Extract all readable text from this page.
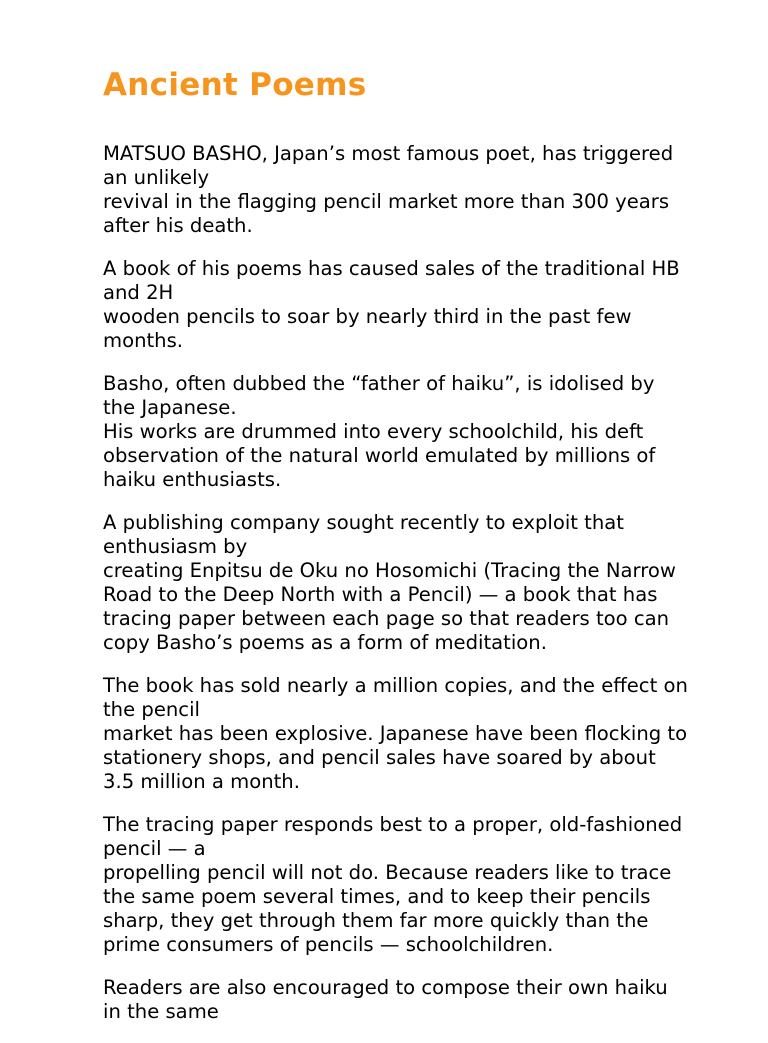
Ancient Poems

MATSUO BASHO, Japan’s most famous poet, has triggered
an unlikely
revival in the flagging pencil market more than 300 years
after his death.

A book of his poems has caused sales of the traditional HB
and 2H
wooden pencils to soar by nearly third in the past few
months.

Basho, often dubbed the “father of haiku”, is idolised by
the Japanese.
His works are drummed into every schoolchild, his deft
observation of the natural world emulated by millions of
haiku enthusiasts.

A publishing company sought recently to exploit that
enthusiasm by
creating Enpitsu de Oku no Hosomichi (Tracing the Narrow
Road to the Deep North with a Pencil) — a book that has
tracing paper between each page so that readers too can
copy Basho’s poems as a form of meditation.

The book has sold nearly a million copies, and the effect on
the pencil
market has been explosive. Japanese have been flocking to
stationery shops, and pencil sales have soared by about
3.5 million a month.

The tracing paper responds best to a proper, old-fashioned
pencil — a
propelling pencil will not do. Because readers like to trace
the same poem several times, and to keep their pencils
sharp, they get through them far more quickly than the
prime consumers of pencils — schoolchildren.

Readers are also encouraged to compose their own haiku
in the same
